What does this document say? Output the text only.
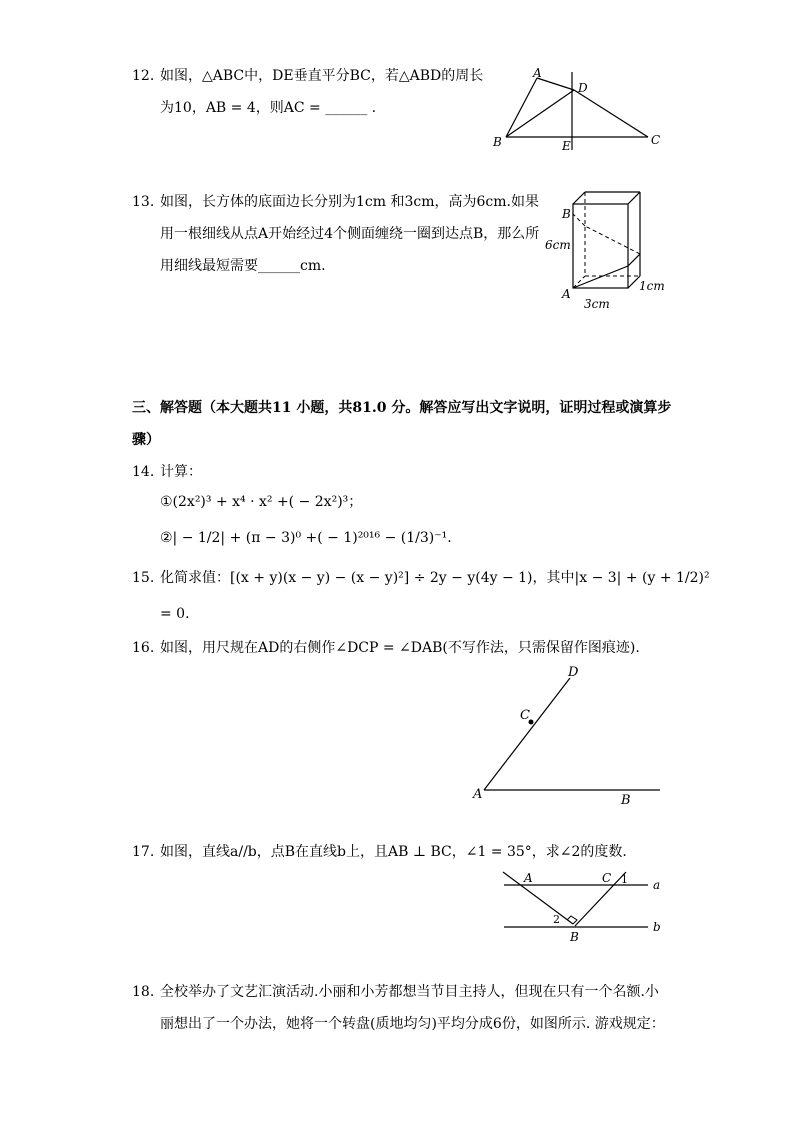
12. 如图，△ABC中，DE垂直平分BC，若△ABD的周长
为10，AB = 4，则AC = ______ .
A
D
B	E	C
13. 如图，长方体的底面边长分别为1cm 和3cm，高为6cm.如果
用一根细线从点A开始经过4个侧面缠绕一圈到达点B，那么所
用细线最短需要______cm.
B
6cm
A
3cm
1cm
三、解答题（本大题共11 小题，共81.0 分。解答应写出文字说明，证明过程或演算步
骤）
14. 计算：
①(2x²)³ + x⁴ · x² +( − 2x²)³；
②| − 1/2| + (π − 3)⁰ +( − 1)²⁰¹⁶ − (1/3)⁻¹.
15. 化简求值：[(x + y)(x − y) − (x − y)²] ÷ 2y − y(4y − 1)，其中|x − 3| + (y + 1/2)²
= 0.
16. 如图，用尺规在AD的右侧作∠DCP = ∠DAB(不写作法，只需保留作图痕迹).
D
C
A	B
17. 如图，直线a//b，点B在直线b上，且AB ⊥ BC，∠1 = 35°，求∠2的度数.
A	C 1 a
2
B
b
18. 全校举办了文艺汇演活动.小丽和小芳都想当节目主持人，但现在只有一个名额.小
丽想出了一个办法，她将一个转盘(质地均匀)平均分成6份，如图所示. 游戏规定：
